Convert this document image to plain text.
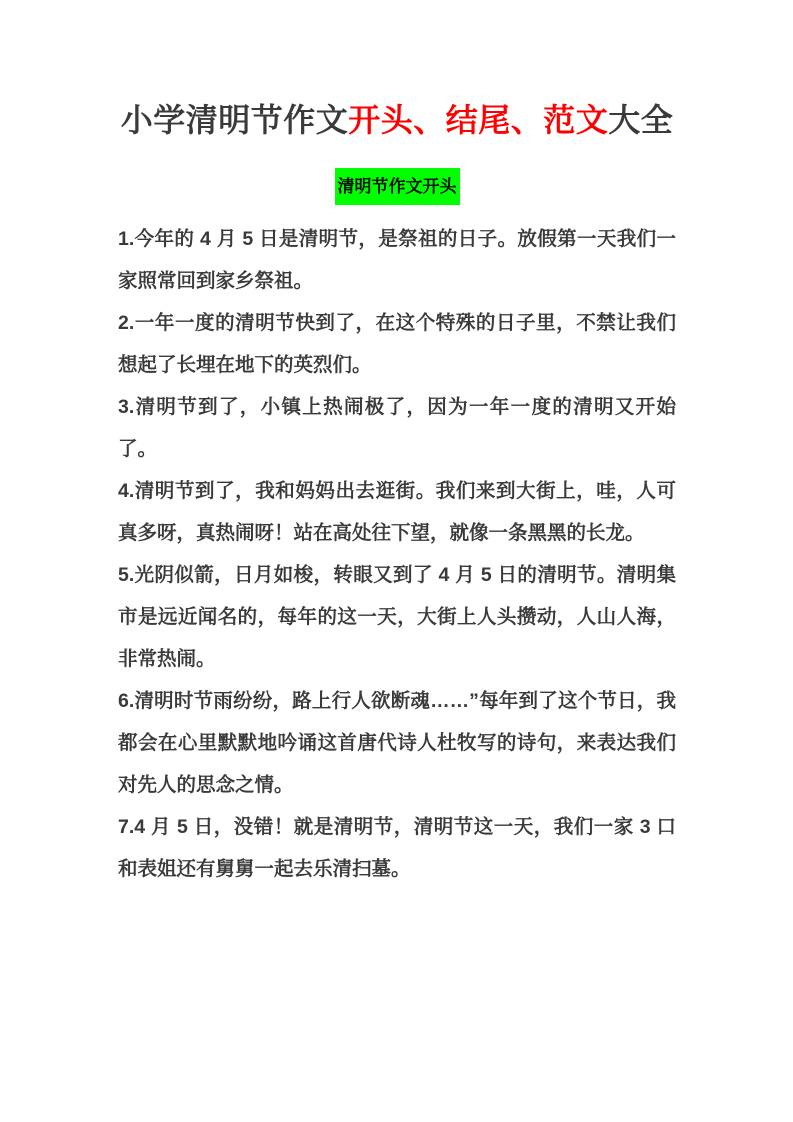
小学清明节作文开头、结尾、范文大全
清明节作文开头

1.今年的 4 月 5 日是清明节，是祭祖的日子。放假第一天我们一家照常回到家乡祭祖。

2.一年一度的清明节快到了，在这个特殊的日子里，不禁让我们想起了长埋在地下的英烈们。

3.清明节到了，小镇上热闹极了，因为一年一度的清明又开始了。

4.清明节到了，我和妈妈出去逛街。我们来到大街上，哇，人可真多呀，真热闹呀！站在高处往下望，就像一条黑黑的长龙。

5.光阴似箭，日月如梭，转眼又到了 4 月 5 日的清明节。清明集市是远近闻名的，每年的这一天，大街上人头攒动，人山人海，非常热闹。

6.清明时节雨纷纷，路上行人欲断魂……”每年到了这个节日，我都会在心里默默地吟诵这首唐代诗人杜牧写的诗句，来表达我们对先人的思念之情。

7.4 月 5 日，没错！就是清明节，清明节这一天，我们一家 3 口和表姐还有舅舅一起去乐清扫墓。
